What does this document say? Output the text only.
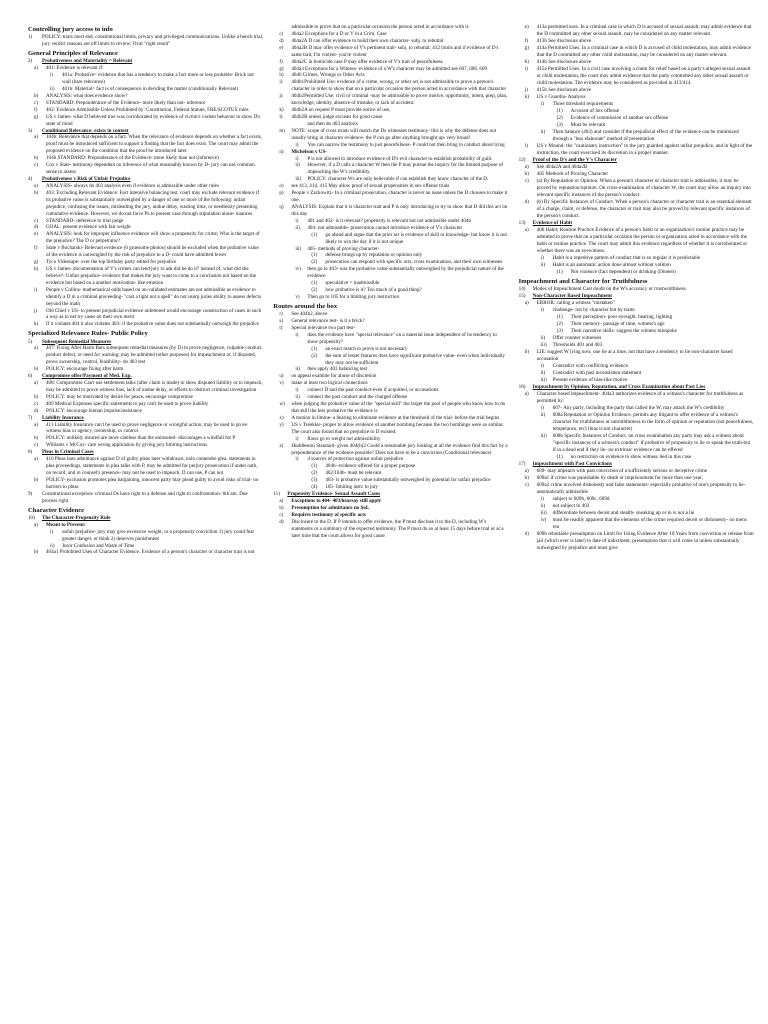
Controlling jury access to info
1)	POLICY: trials must end, constitutional limits, privacy and privileged communications. Unlike a bench trial, jury verdict reasons are off limits to review: Oval "right result"
General Principles of Relevance
2)	Probativeness and Materiality = Relevant
a)	401: Evidence is relevant if:
i)	401a: Probative= evidence that has a tendency to make a fact more or less probable- Brick not wall (bare relevance)
ii)	401b: Material= fact is of consequence in deciding the matter (conditionally Relevant)
b)	ANALYSIS: what does evidence show?
c)	STANDARD: Preponderance of the Evidence- more likely than not- inference
f)	402: Evidence Admissible Unless Prohibited by: Constitution, Federal Statute, FRE/SCOTUS rules
g)	US v James- what D believed true was corroborated by evidence of victim's violent behavior to show D's state of mind
3)	Conditional Relevance: exists in context
a)	104b: Relevance that depends on a fact. When the relevance of evidence depends on whether a fact exists, proof must be introduced sufficient to support a finding that the fact does exist. The court may admit the proposed evidence on the condition that the proof be introduced later.
b)	104b STANDARD: Preponderance of the Evidence- more likely than not (inference)
c)	Cox v State- testimony dependent on inference of what reasonably known by D- jury can use common sense to assess
4)	Probativeness v Risk of Unfair Prejudice
a)	ANALYSIS- always do 403 analysis even if evidence is admissible under other rules
b)	403: Excluding Relevant Evidence: Fact intensive balancing test. court may exclude relevant evidence if its probative value is substantially outweighed by a danger of one or more of the following: unfair prejudice, confusing the issues, misleading the jury, undue delay, wasting time, or needlessly presenting cumulative evidence. However, we do not force Ps to present case through stipulation alone- nuances
c)	STANDARD- deference to trial judge
d)	GOAL: present evidence with fair weight
e)	ANALYSIS: look for improper influence evidence will show a propensity for crime; Who is the target of the prejudice? The D or perpetrator?
f)	State v Bocharski- Relevant evidence (6 gruesome photos) should be excluded when the probative value of the evidence is outweighed by the risk of prejudice to a D- could have admitted fewer
g)	Tyco Videotape- over the top birthday party edited for prejudice
h)	US v James- documentation of V's crimes can lend jury to ask did he do it? instead of, what did she believe?- Unfair prejudice- evidence that makes the jury want to come to a conclusion not based on the evidence but based on a another motivation- like emotion
i)	People v Collins- mathematical odds based on un-validated estimates are not admissible as evidence to identify a D in a criminal proceeding- "cast a light not a spell" do not usurp juries ability to assess defects beyond the math
j)	Old Chief v US- to present prejudicial evidence unfettered would encourage construction of cases in such a way as to net try cases on their own merit
k)	If it violates 404 it also violates 403- if the probative value does not substantially outweigh the prejudice
Specialized Relevance Rules- Public Policy
5)	Subsequent Remedial Measures
a)	407: Fixing After Harm Bars subsequent remedial measures (by D) to prove negligence, culpable conduct, product defect, or need for warning; may be admitted (other purposes) for impeachment or, if disputed, prove ownership, control, feasibility- do 403 test
b)	POLICY: encourage fixing after harm
6)	Compromise offer/Payment of Med. Exp.
a)	408: Compromise Can't use settlement talks (after claim is made) to show disputed liability or to impeach, may be admitted to prove witness bias, lack of undue delay, or efforts to obstruct criminal investigation
b)	POLICY: may be motivated by desire for peace, encourage compromise
c)	409 Medical Expenses specific statements to pay can't be used to prove liability
d)	POLICY: encourage human impulse/assistance
7)	Liability Insurance
a)	411 Liability Insurance can't be used to prove negligence or wrongful action, may be used to prove witness bias or agency, ownership, or control
b)	POLICY: unlikely insured are more careless than the uninsured- discourages a windfall for P
c)	Williams v McCoy- care wrong application by giving jury limiting instructions
8)	Pleas in Criminal Cases
a)	410 Pleas bars admittance against D of guilty pleas later withdrawn, nolo contendre plea, statements in plea proceedings, statements in plea talks with P, may be admitted for perjury prosecution if under oath, on record, and in counsel's presence- may not be used to impeach, D can use, P can not
b)	POLICY- exclusion promotes plea bargaining, innocent party may plead guilty to avoid risks of trial- no barriers to pleas
9)	Constitutional exception- criminal Ds have right to a defense and right to confrontation- 6th am. Due process right
Character Evidence
10)	The Character-Propensity Rule
a)	Meant to Prevent:
i)	unfair prejudice- jury may give excessive weight, or a propensity conviction 1) jury could fear greater danger, or think 2) deserves punishment
ii)	Juror Confusion and Waste of Time
b)	404a1 Prohibited Uses of Character Evidence. Evidence of a person's character or character trait is not
admissible to prove that on a particular occasion the person acted in accordance with it.
c)	404a2 Exceptions for a D or V in a Crim. Case
d)	404a2A D can offer evidence to build their own character- subj. to rebuttal
e)	404a2B D may offer evidence of V's pertinent trait- subj. to rebuttal; 412 limits and if evidence of D's same trait, I'm violent- you're violent
f)	404a2C in homicide case P may offer evidence of V's trait of peacefulness
g)	404a3 Exceptions for a Witness- evidence of a W's character may be admitted see 607, 608, 609
h)	404b Crimes, Wrongs or Other Acts
i)	404b1Prohibited Use: evidence of a crime, wrong, or other act is not admissible to prove a person's character in order to show that on a particular occasion the person acted in accordance with that character
j)	404b2Permitted Use: civil or criminal -may be admissible to prove motive, opportunity, intent, prep, plan, knowledge, identity, absence of mistake, or lack of accident.
k)	404b2A on request P must provide notice of use,
l)	404b2B unless judge excuses for good cause
and then do 403 analysis
m)	NOTE: scope of cross exam will match the Ds witnesses testimony- this is why the defense does not usually bring in character evidence- the P can go after anything brought up- very broad!
i)	You can narrow the testimony to just peacefulness- P could not then bring in conduct about lying
n)	Michelson v US-
i)	P is not allowed to introduce evidence of D's evil character to establish probability of guilt.
ii)	However, if a D calls a character W then the P may pursue the inquiry for the limited purpose of impeaching the W's credibility.
iii)	POLICY: character Ws are only believable if can establish they know character of the D.
o)	see 413, 414, 415 May allow proof of sexual propensities in sex offense trials
p)	People v Zackowitz- In a criminal prosecution, character is never an issue unless the D chooses to make it one.
q)	ANALYSIS: Explain that it is character trait and P is only introducing to try to show that D did this act on this day
i)	401 and 402- is it relevant? propensity is relevant but not admissible under 404b
ii)	404- not admissible- prosecution cannot introduce evidence of V's character
(1)	go ahead and argue that the prior act is evidence of skill or knowledge- but know it is not likely to win the day if it is not unique
iii)	405- methods of proving character-
(1)	defense brings up by reputation or opinion only
(2)	prosecution can respond with specific acts, cross examination, and their own witnesses
iv)	then go to 403- was the probative value substantially outweighed by the prejudicial nature of the evidence
(1)	speculative = inadmissible
(2)	how probative is it? Too much of a good thing?
v)	Then go to 105 for a limiting jury instruction
Routes around the box
r)	See 404b2, above
s)	General relevance test- is it a brick?
t)	Special relevance two part test-
i)	does the evidence have "special relevance" on a material issue independent of its tendency to show propensity?
(1)	an exact match to prove is not necessary
(2)	the sum of lesser features does have significant probative value- even when individually they may not be sufficient
ii)	then apply 403 balancing test
u)	on appeal examine for abuse of discretion
v)	make at least two logical connections
i)	connect D and the past conduct-even if acquitted, or accusations
ii)	connect the past conduct and the charged offense
w)	when judging the probative value of the "special skill" the larger the pool of people who know how to do that skill the less probative the evidence is
x)	A motion in limine- a hearing to eliminate evidence at the threshold of the trial- before the trial begins
y)	US v Trenkler- proper to allow evidence of another bombing because the two bombings were so similar. The court also found that no prejudice to D existed.
i)	flaws go to weight not admissibility
z)	Huddleston Standard- given 404(b)2 Could a reasonable jury looking at all the evidence find this fact by a preponderance of the evidence possible? Does not have to be a conviction (Conditional relevance)
i)	4 sources of protection against unfair prejudice
(1)	404b- evidence offered for a proper purpose
(2)	402/104b- must be relevant
(3)	403- is probative value substantially outweighed by potential for unfair prejudice
(4)	105- limiting instr. to jury
11)	Propensity Evidence- Sexual Assault Cases
a)	Exceptions to 404- 403/hearsay still apply
b)	Presumption for admittance no SoL
c)	Requires testimony of specific acts
d)	Disclosure to the D. If P intends to offer evidence, the P must disclose it to the D, including W's statements or a summary of the expected testimony. The P must do so at least 15 days before trial or at a later time that the court allows for good cause.
e)	413a permitted uses. In a criminal case in which D is accused of sexual assault, may admit evidence that the D committed any other sexual assault, may be considered on any matter relevant.
f)	413b See disclosure above
g)	414a Permitted Uses. In a criminal case in which D is accused of child molestation, may admit evidence that the D committed any other child molestation, may be considered on any matter relevant.
h)	414b See disclosure above
i)	415a Permitted Uses. In a civil case involving a claim for relief based on a party's alleged sexual assault or child molestation, the court may admit evidence that the party committed any other sexual assault or child molestation. The evidence may be considered as provided in 413/414
j)	415b See disclosure above
k)	US v Guardia- Analysis
i)	Three threshold requirements
(1)	Accused of Sex offense
(2)	Evidence of commission of another sex offense
(3)	Must be relevant
ii)	Then balance (403) and consider if the prejudicial effect of the evidence can be minimized through a "less elaborate" method of presentation
l)	US v Mound- the "cautionary instruction" to the jury guarded against unfair prejudice, and in light of the instruction, the court exercised its discretion in a proper manner.
12)	Proof of the D's and the V's Character
a)	See 404a2A and 404a2B
b)	405 Methods of Proving Character
c)	(a) By Reputation or Opinion. When a person's character or character trait is admissible, it may be proved by reputation/opinion. On cross-examination of character W, the court may allow an inquiry into relevant specific instances of the person's conduct.
d)	(b) By Specific Instances of Conduct. When a person's character or character trait is an essential element of a charge, claim, or defense, the character or trait may also be proved by relevant specific instances of the person's conduct.
13)	Evidence of Habit
a)	406 Habit; Routine Practice Evidence of a person's habit or an organization's routine practice may be admitted to prove that on a particular occasion the person or organization acted in accordance with the habit or routine practice. The court may admit this evidence regardless of whether it is corroborated or whether there was an eyewitness.
i)	Habit is a repetitive pattern of conduct that is so regular it is predictable
ii)	Habit is an automatic action done almost without volition
(1)	Not violence (fact dependent) or drinking (Dineen)
Impeachment and Character for Truthfulness
14)	Modes of Impeachment Cast doubt on the W's accuracy or trustworthiness
15)	Non-Character Based Impeachment
a)	ERROR: calling a witness "mistaken"
i)	challenge- not by character but by traits:
(1)	Their perception- poor eyesight, hearing, lighting
(2)	Their memory- passage of time, witness's age
(3)	Their narrative skills- suggest the witness misspoke
ii)	Offer counter witnesses
iii)	Thresholds 401 and 403
b)	LIE: suggest W lying now, one lie at a time, not that have a tendency to lie non-character based accusation
i)	Contradict with conflicting evidence
ii)	Contradict with past inconsistent statement
iii)	Present evidence of bias-like motive
16)	Impeachment by Opinion, Reputation, and Cross Examination about Past Lies
a)	Character based impeachment- 404a3 authorizes evidence of a witness's character for truthfulness as permitted by:
i)	607- Any party, including the party that called the W, may attack the W's credibility
ii)	608a Reputation or Opinion Evidence. permits any litigant to offer evidence of a witness's character for truthfulness or untruthfulness in the form of opinion or reputation (not peacefulness, temperance, etc) (bias is not character)
iii)	608b Specific Instances of Conduct. on cross examination any party may ask a witness about "specific instances of a witness's conduct" if probative of propensity to lie or speak the truth-but if in a dead end if they lie- no extrinsic evidence can be offered
(1)	no restriction on evidence to show witness lied in this case
17)	Impeachment with Past Convictions
a)	609- may impeach with past conviction of a sufficiently serious or deceptive crime
b)	609a1 if crime was punishable by death or imprisonment for more than one year,
c)	609a2 crime involved dishonesty and false statements- especially probative of one's propensity to lie- automatically admissible
i)	subject to 609b, 609c, 609d
ii)	not subject to 403
iii)	differentiate between deceit and stealth- sneaking up or in is not a lie
iv)	must be readily apparent that the elements of the crime required deceit or dishonesty- no mens rea
d)	609b rebuttable presumption on Limit for Using Evidence After 10 Years from conviction or release from jail (which ever is later) to date of indictment, presumption that it will come in unless substantially outweighed by prejudice and must give
